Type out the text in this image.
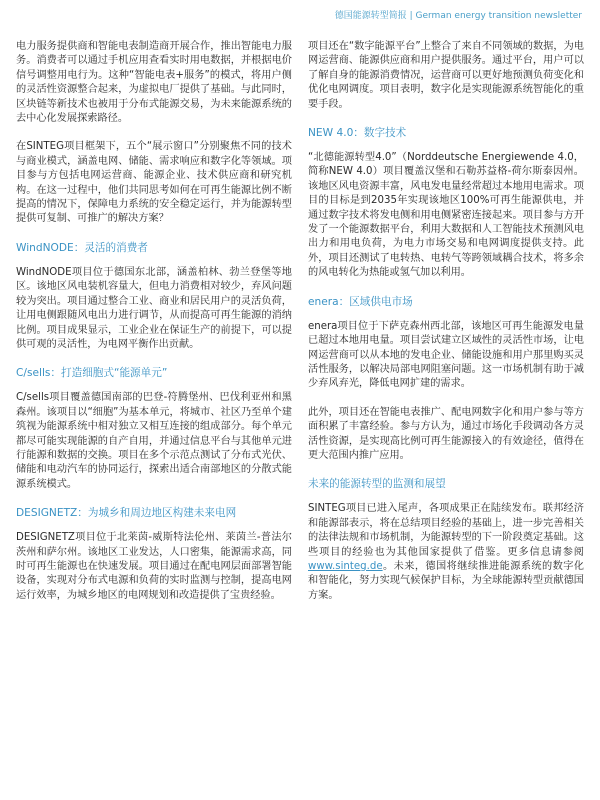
德国能源转型简报 | German energy transition newsletter

电力服务提供商和智能电表制造商开展合作，推出智能电力服务。消费者可以通过手机应用查看实时用电数据，并根据电价信号调整用电行为。这种“智能电表+服务”的模式，将用户侧的灵活性资源整合起来，为虚拟电厂提供了基础。与此同时，区块链等新技术也被用于分布式能源交易，为未来能源系统的去中心化发展探索路径。

在SINTEG项目框架下，五个“展示窗口”分别聚焦不同的技术与商业模式，涵盖电网、储能、需求响应和数字化等领域。项目参与方包括电网运营商、能源企业、技术供应商和研究机构。在这一过程中，他们共同思考如何在可再生能源比例不断提高的情况下，保障电力系统的安全稳定运行，并为能源转型提供可复制、可推广的解决方案？

WindNODE：灵活的消费者

WindNODE项目位于德国东北部，涵盖柏林、勃兰登堡等地区。该地区风电装机容量大，但电力消费相对较少，弃风问题较为突出。项目通过整合工业、商业和居民用户的灵活负荷，让用电侧跟随风电出力进行调节，从而提高可再生能源的消纳比例。项目成果显示，工业企业在保证生产的前提下，可以提供可观的灵活性，为电网平衡作出贡献。

C/sells：打造细胞式“能源单元”

C/sells项目覆盖德国南部的巴登-符腾堡州、巴伐利亚州和黑森州。该项目以“细胞”为基本单元，将城市、社区乃至单个建筑视为能源系统中相对独立又相互连接的组成部分。每个单元都尽可能实现能源的自产自用，并通过信息平台与其他单元进行能源和数据的交换。项目在多个示范点测试了分布式光伏、储能和电动汽车的协同运行，探索出适合南部地区的分散式能源系统模式。

DESIGNETZ：为城乡和周边地区构建未来电网

DESIGNETZ项目位于北莱茵-威斯特法伦州、莱茵兰-普法尔茨州和萨尔州。该地区工业发达，人口密集，能源需求高，同时可再生能源也在快速发展。项目通过在配电网层面部署智能设备，实现对分布式电源和负荷的实时监测与控制，提高电网运行效率，为城乡地区的电网规划和改造提供了宝贵经验。

项目还在“数字能源平台”上整合了来自不同领域的数据，为电网运营商、能源供应商和用户提供服务。通过平台，用户可以了解自身的能源消费情况，运营商可以更好地预测负荷变化和优化电网调度。项目表明，数字化是实现能源系统智能化的重要手段。

NEW 4.0：数字技术

“北德能源转型4.0”（Norddeutsche Energiewende 4.0，简称NEW 4.0）项目覆盖汉堡和石勒苏益格-荷尔斯泰因州。该地区风电资源丰富，风电发电量经常超过本地用电需求。项目的目标是到2035年实现该地区100%可再生能源供电，并通过数字技术将发电侧和用电侧紧密连接起来。项目参与方开发了一个能源数据平台，利用大数据和人工智能技术预测风电出力和用电负荷，为电力市场交易和电网调度提供支持。此外，项目还测试了电转热、电转气等跨领域耦合技术，将多余的风电转化为热能或氢气加以利用。

enera：区域供电市场

enera项目位于下萨克森州西北部，该地区可再生能源发电量已超过本地用电量。项目尝试建立区域性的灵活性市场，让电网运营商可以从本地的发电企业、储能设施和用户那里购买灵活性服务，以解决局部电网阻塞问题。这一市场机制有助于减少弃风弃光，降低电网扩建的需求。

此外，项目还在智能电表推广、配电网数字化和用户参与等方面积累了丰富经验。参与方认为，通过市场化手段调动各方灵活性资源，是实现高比例可再生能源接入的有效途径，值得在更大范围内推广应用。

未来的能源转型的监测和展望

SINTEG项目已进入尾声，各项成果正在陆续发布。联邦经济和能源部表示，将在总结项目经验的基础上，进一步完善相关的法律法规和市场机制，为能源转型的下一阶段奠定基础。这些项目的经验也为其他国家提供了借鉴。更多信息请参阅www.sinteg.de。未来，德国将继续推进能源系统的数字化和智能化，努力实现气候保护目标，为全球能源转型贡献德国方案。
